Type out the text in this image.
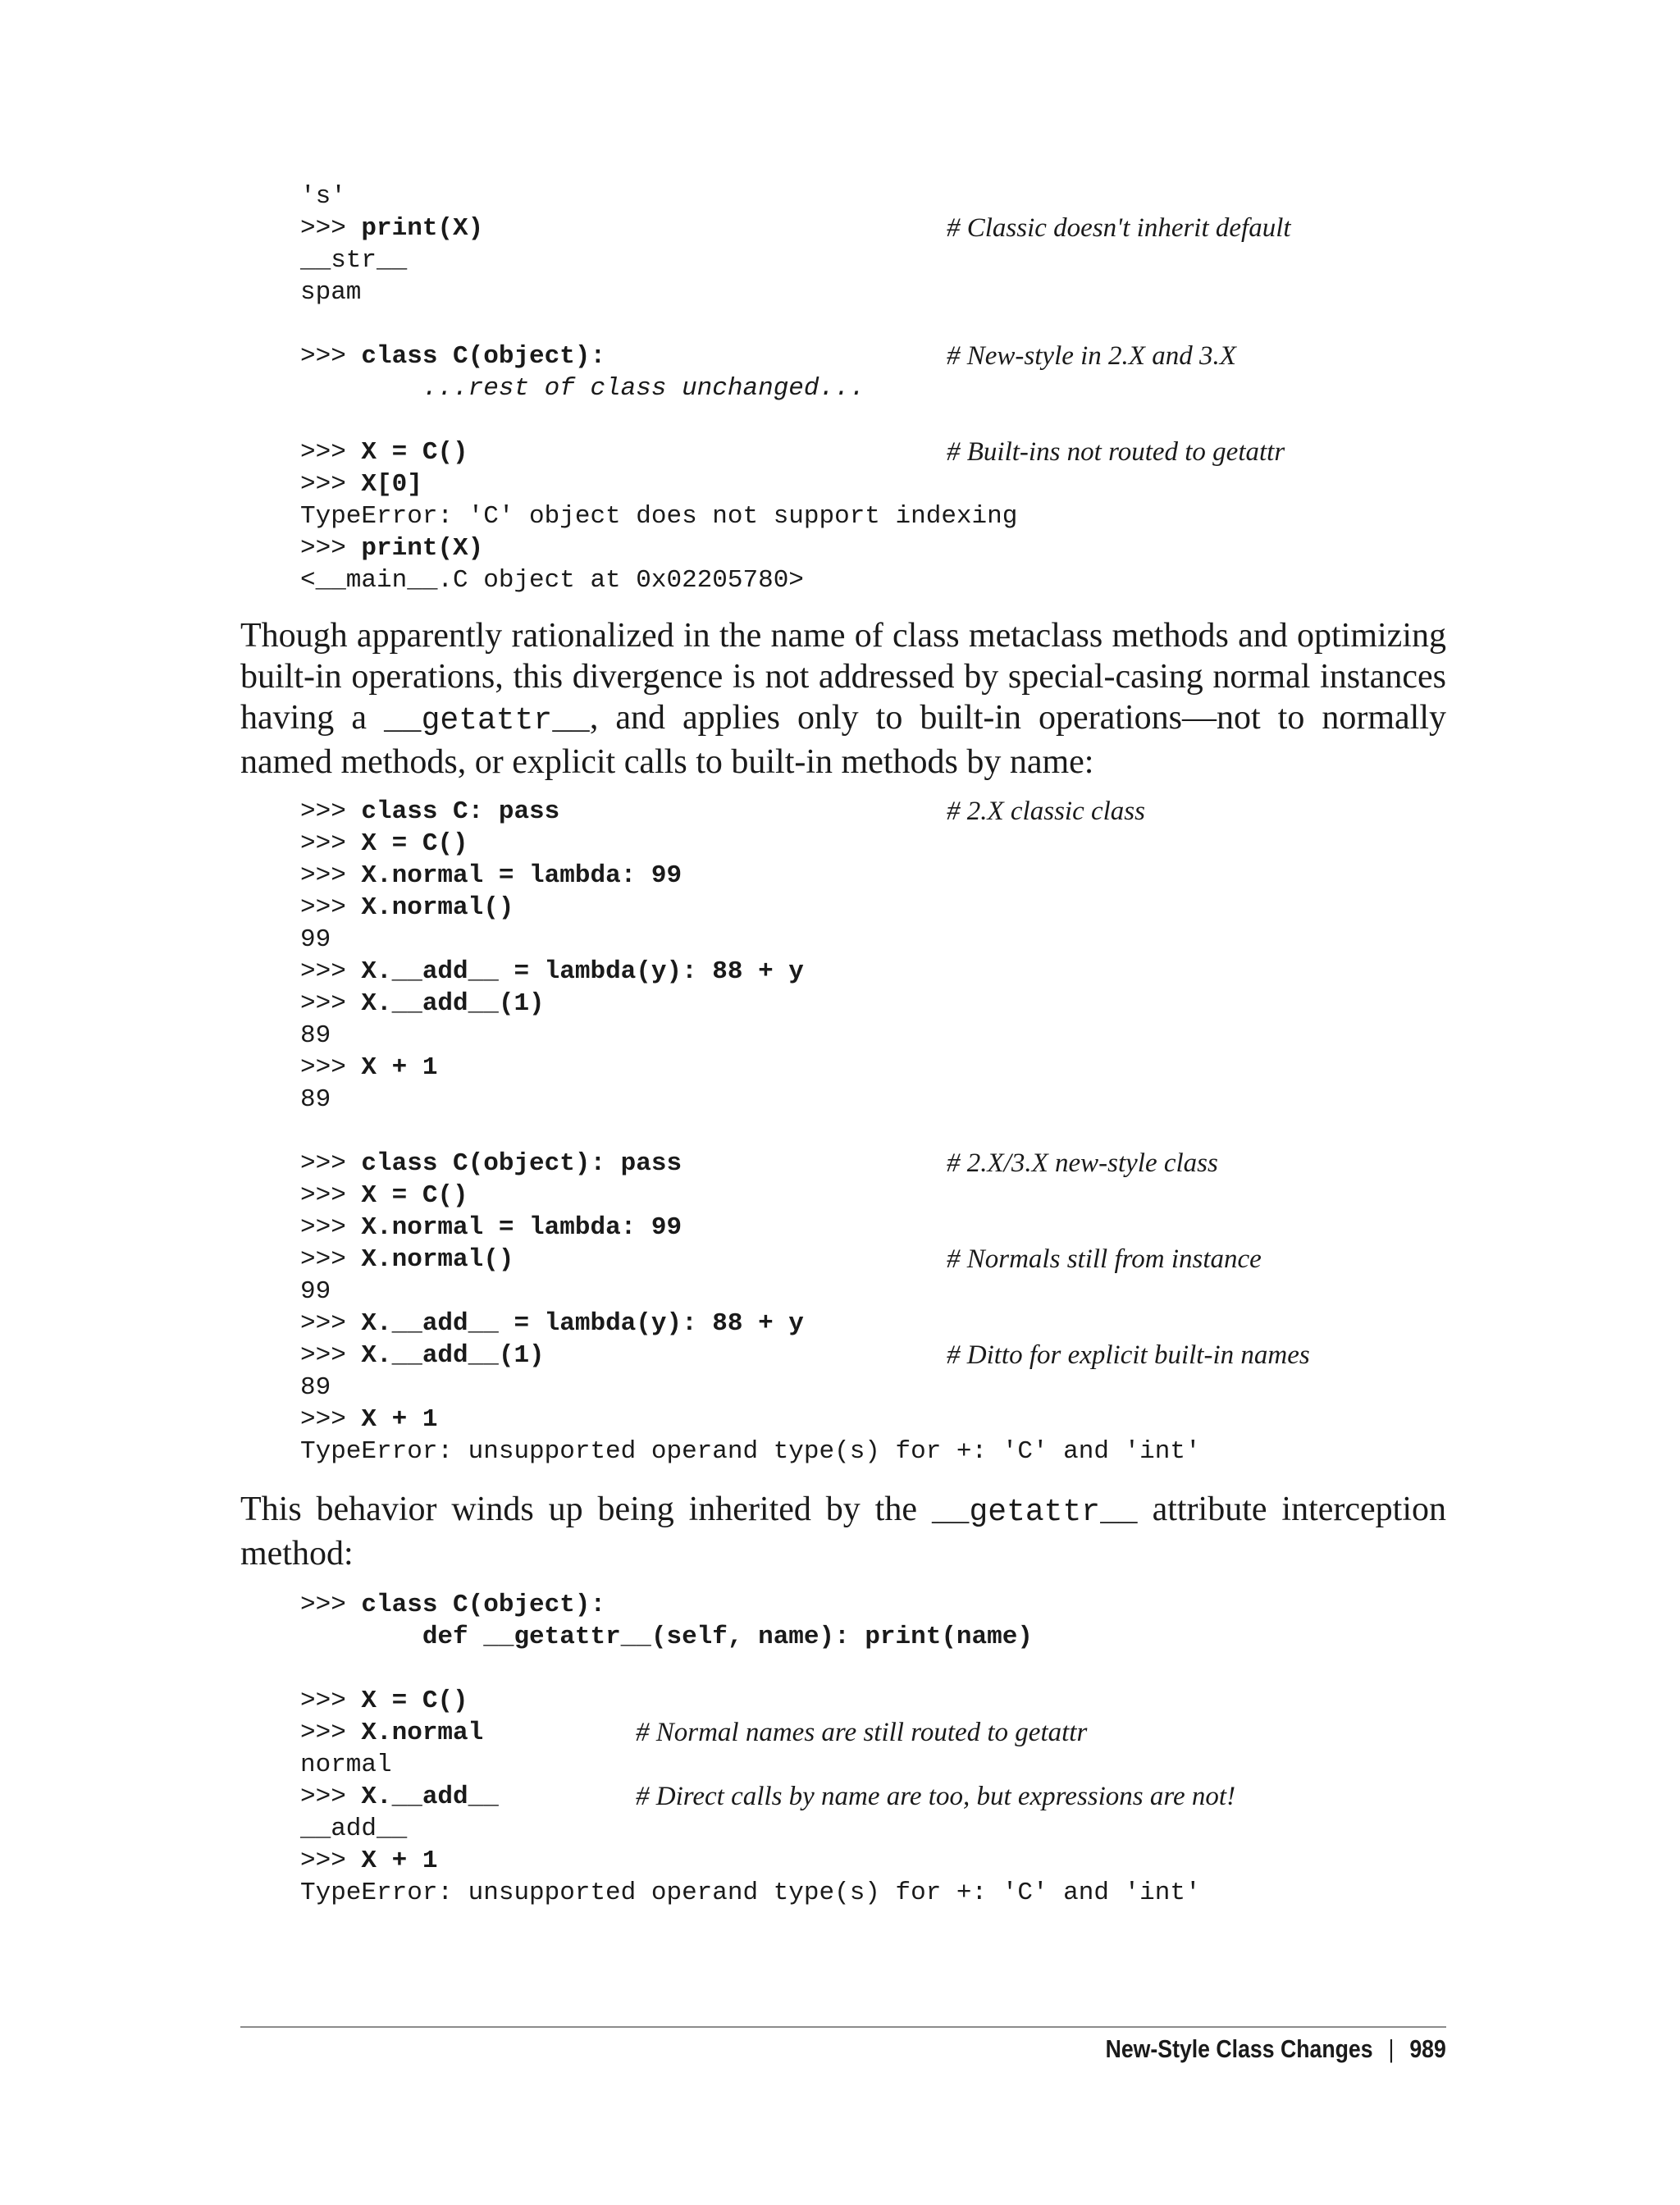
's'
>>> print(X)	# Classic doesn't inherit default
__str__
spam
>>> class C(object):	# New-style in 2.X and 3.X
...rest of class unchanged...
>>> X = C()	# Built-ins not routed to getattr
>>> X[0]
TypeError: 'C' object does not support indexing
>>> print(X)
<__main__.C object at 0x02205780>

Though apparently rationalized in the name of class metaclass methods and optimizing built-in operations, this divergence is not addressed by special-casing normal instances having a __getattr__, and applies only to built-in operations—not to normally named methods, or explicit calls to built-in methods by name:

>>> class C: pass	# 2.X classic class
>>> X = C()
>>> X.normal = lambda: 99
>>> X.normal()
99
>>> X.__add__ = lambda(y): 88 + y
>>> X.__add__(1)
89
>>> X + 1
89
>>> class C(object): pass	# 2.X/3.X new-style class
>>> X = C()
>>> X.normal = lambda: 99
>>> X.normal()	# Normals still from instance
99
>>> X.__add__ = lambda(y): 88 + y
>>> X.__add__(1)	# Ditto for explicit built-in names
89
>>> X + 1
TypeError: unsupported operand type(s) for +: 'C' and 'int'

This behavior winds up being inherited by the __getattr__ attribute interception method:

>>> class C(object):
def __getattr__(self, name): print(name)
>>> X = C()
>>> X.normal	# Normal names are still routed to getattr
normal
>>> X.__add__	# Direct calls by name are too, but expressions are not!
__add__
>>> X + 1
TypeError: unsupported operand type(s) for +: 'C' and 'int'

New-Style Class Changes | 989
